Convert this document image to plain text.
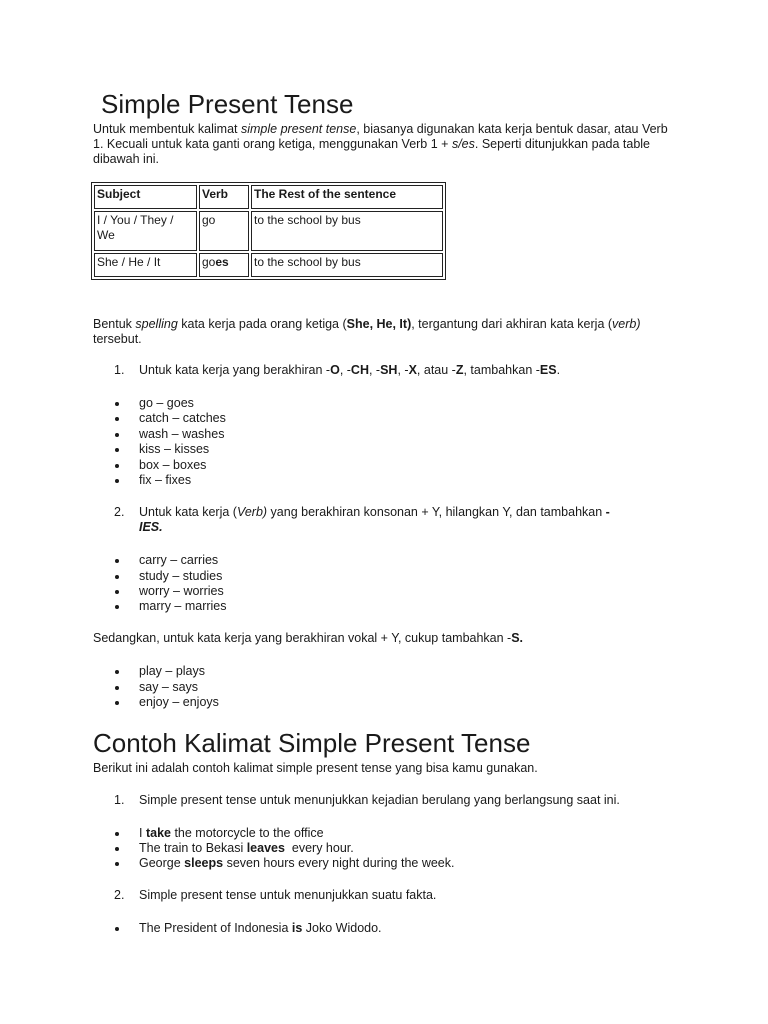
Simple Present Tense
Untuk membentuk kalimat simple present tense, biasanya digunakan kata kerja bentuk dasar, atau Verb 1. Kecuali untuk kata ganti orang ketiga, menggunakan Verb 1 + s/es. Seperti ditunjukkan pada table dibawah ini.
Subject	Verb	The Rest of the sentence
I / You / They / We	go	to the school by bus
She / He / It	goes	to the school by bus
Bentuk spelling kata kerja pada orang ketiga (She, He, It), tergantung dari akhiran kata kerja (verb) tersebut.
1. Untuk kata kerja yang berakhiran -O, -CH, -SH, -X, atau -Z, tambahkan -ES.
go – goes
catch – catches
wash – washes
kiss – kisses
box – boxes
fix – fixes
2. Untuk kata kerja (Verb) yang berakhiran konsonan + Y, hilangkan Y, dan tambahkan -
IES.
carry – carries
study – studies
worry – worries
marry – marries
Sedangkan, untuk kata kerja yang berakhiran vokal + Y, cukup tambahkan -S.
play – plays
say – says
enjoy – enjoys
Contoh Kalimat Simple Present Tense
Berikut ini adalah contoh kalimat simple present tense yang bisa kamu gunakan.
1. Simple present tense untuk menunjukkan kejadian berulang yang berlangsung saat ini.
I take the motorcycle to the office
The train to Bekasi leaves  every hour.
George sleeps seven hours every night during the week.
2. Simple present tense untuk menunjukkan suatu fakta.
The President of Indonesia is Joko Widodo.
